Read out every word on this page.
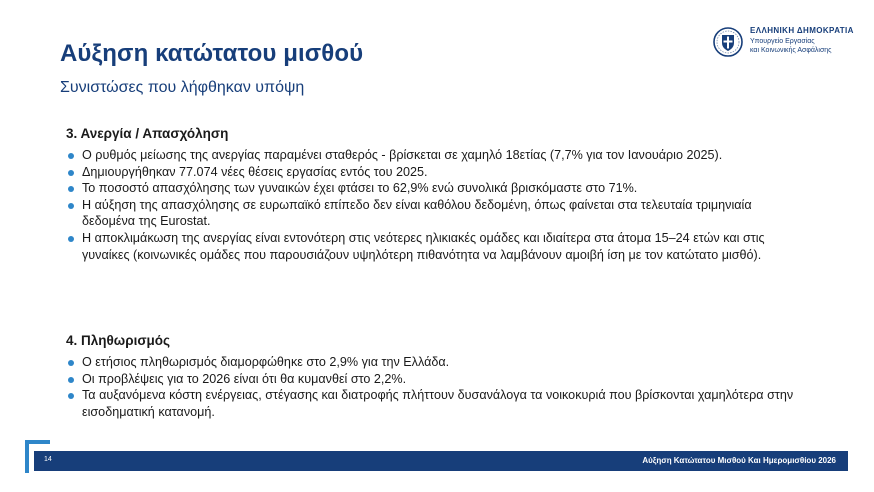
Αύξηση κατώτατου μισθού
Συνιστώσες που λήφθηκαν υπόψη
ΕΛΛΗΝΙΚΗ ΔΗΜΟΚΡΑΤΙΑ
Υπουργείο Εργασίας
και Κοινωνικής Ασφάλισης
3. Ανεργία / Απασχόληση
Ο ρυθμός μείωσης της ανεργίας παραμένει σταθερός - βρίσκεται σε χαμηλό 18ετίας (7,7% για τον Ιανουάριο 2025).
Δημιουργήθηκαν 77.074 νέες θέσεις εργασίας εντός του 2025.
Το ποσοστό απασχόλησης των γυναικών έχει φτάσει το 62,9% ενώ συνολικά βρισκόμαστε στο 71%.
Η αύξηση της απασχόλησης σε ευρωπαϊκό επίπεδο δεν είναι καθόλου δεδομένη, όπως φαίνεται στα τελευταία τριμηνιαία δεδομένα της Eurostat.
Η αποκλιμάκωση της ανεργίας είναι εντονότερη στις νεότερες ηλικιακές ομάδες και ιδιαίτερα στα άτομα 15–24 ετών και στις γυναίκες (κοινωνικές ομάδες που παρουσιάζουν υψηλότερη πιθανότητα να λαμβάνουν αμοιβή ίση με τον κατώτατο μισθό).
4. Πληθωρισμός
Ο ετήσιος πληθωρισμός διαμορφώθηκε στο 2,9% για την Ελλάδα.
Οι προβλέψεις για το 2026 είναι ότι θα κυμανθεί στο 2,2%.
Τα αυξανόμενα κόστη ενέργειας, στέγασης και διατροφής πλήττουν δυσανάλογα τα νοικοκυριά που βρίσκονται χαμηλότερα στην εισοδηματική κατανομή.
14	Αύξηση Κατώτατου Μισθού Και Ημερομισθίου 2026
